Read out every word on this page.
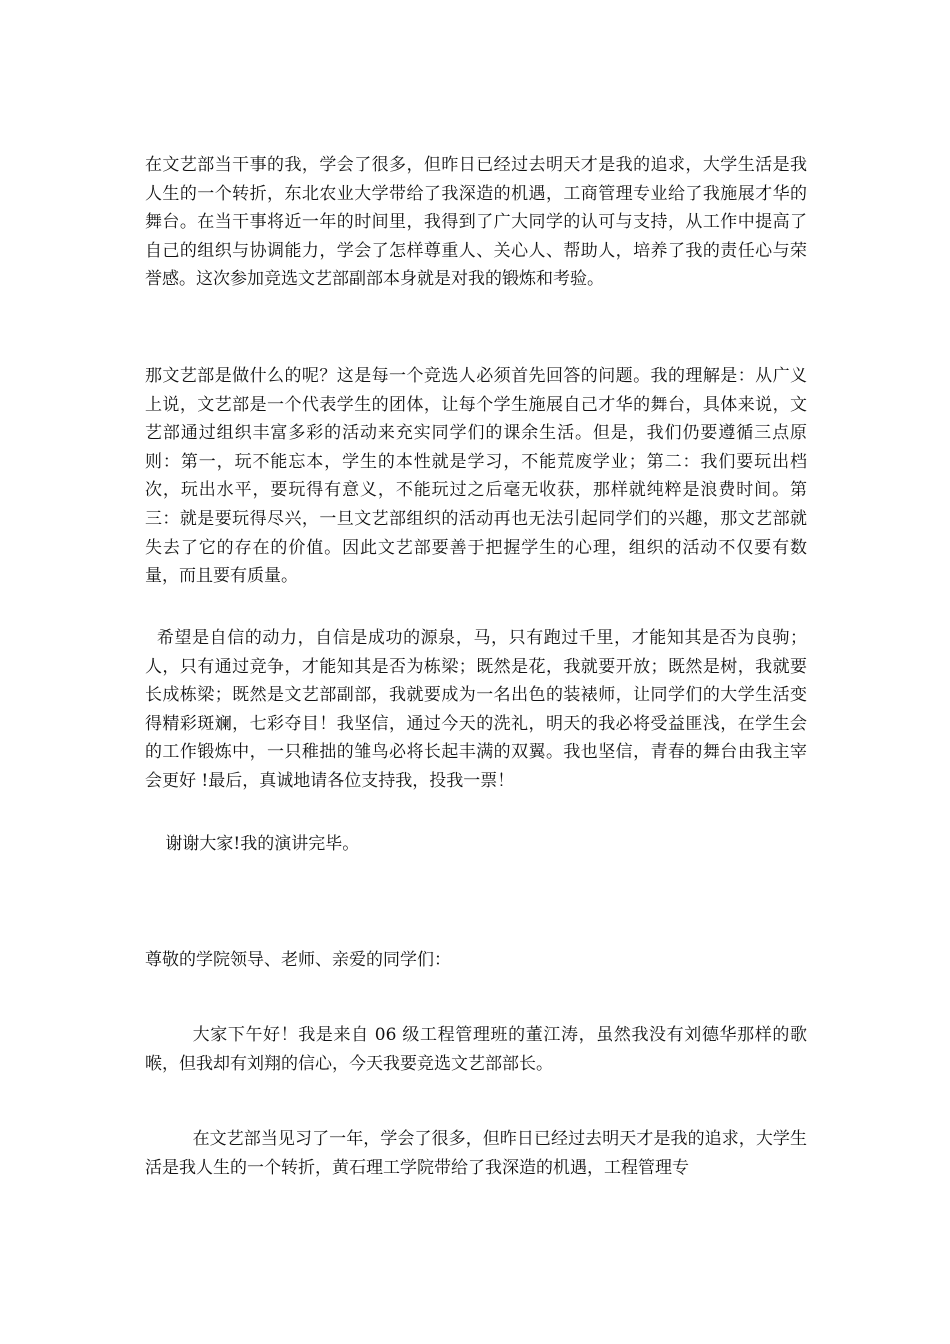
在文艺部当干事的我，学会了很多，但昨日已经过去明天才是我的追求，大学生活是我人生的一个转折，东北农业大学带给了我深造的机遇，工商管理专业给了我施展才华的舞台。在当干事将近一年的时间里，我得到了广大同学的认可与支持，从工作中提高了自己的组织与协调能力，学会了怎样尊重人、关心人、帮助人，培养了我的责任心与荣誉感。这次参加竞选文艺部副部本身就是对我的锻炼和考验。

那文艺部是做什么的呢？这是每一个竞选人必须首先回答的问题。我的理解是：从广义上说，文艺部是一个代表学生的团体，让每个学生施展自己才华的舞台，具体来说，文艺部通过组织丰富多彩的活动来充实同学们的课余生活。但是，我们仍要遵循三点原则：第一，玩不能忘本，学生的本性就是学习，不能荒废学业；第二：我们要玩出档次，玩出水平，要玩得有意义，不能玩过之后毫无收获，那样就纯粹是浪费时间。第三：就是要玩得尽兴，一旦文艺部组织的活动再也无法引起同学们的兴趣，那文艺部就失去了它的存在的价值。因此文艺部要善于把握学生的心理，组织的活动不仅要有数量，而且要有质量。

希望是自信的动力，自信是成功的源泉，马，只有跑过千里，才能知其是否为良驹；人，只有通过竞争，才能知其是否为栋梁；既然是花，我就要开放；既然是树，我就要长成栋梁；既然是文艺部副部，我就要成为一名出色的装裱师，让同学们的大学生活变得精彩斑斓，七彩夺目！我坚信，通过今天的洗礼，明天的我必将受益匪浅，在学生会的工作锻炼中，一只稚拙的雏鸟必将长起丰满的双翼。我也坚信，青春的舞台由我主宰会更好 !最后，真诚地请各位支持我，投我一票！

谢谢大家!我的演讲完毕。

尊敬的学院领导、老师、亲爱的同学们：

大家下午好！我是来自 06 级工程管理班的董江涛，虽然我没有刘德华那样的歌喉，但我却有刘翔的信心，今天我要竞选文艺部部长。

在文艺部当见习了一年，学会了很多，但昨日已经过去明天才是我的追求，大学生活是我人生的一个转折，黄石理工学院带给了我深造的机遇，工程管理专
